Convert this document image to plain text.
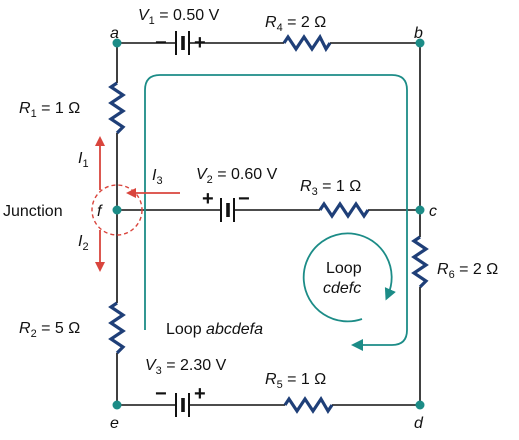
− +
+ −
− +
a	b
c
d
e
f
Junction
$V_1 = 0.50$ V
$V_2 = 0.60$ V
$V_3 = 2.30$ V
$R_4 = 2$ Ω
$R_3 = 1$ Ω
$R_5 = 1$ Ω
$R_1 = 1$ Ω
$R_2 = 5$ Ω
$R_6 = 2$ Ω
$I_1$
$I_2$
$I_3$
Loop
cdefc
Loop abcdefa
